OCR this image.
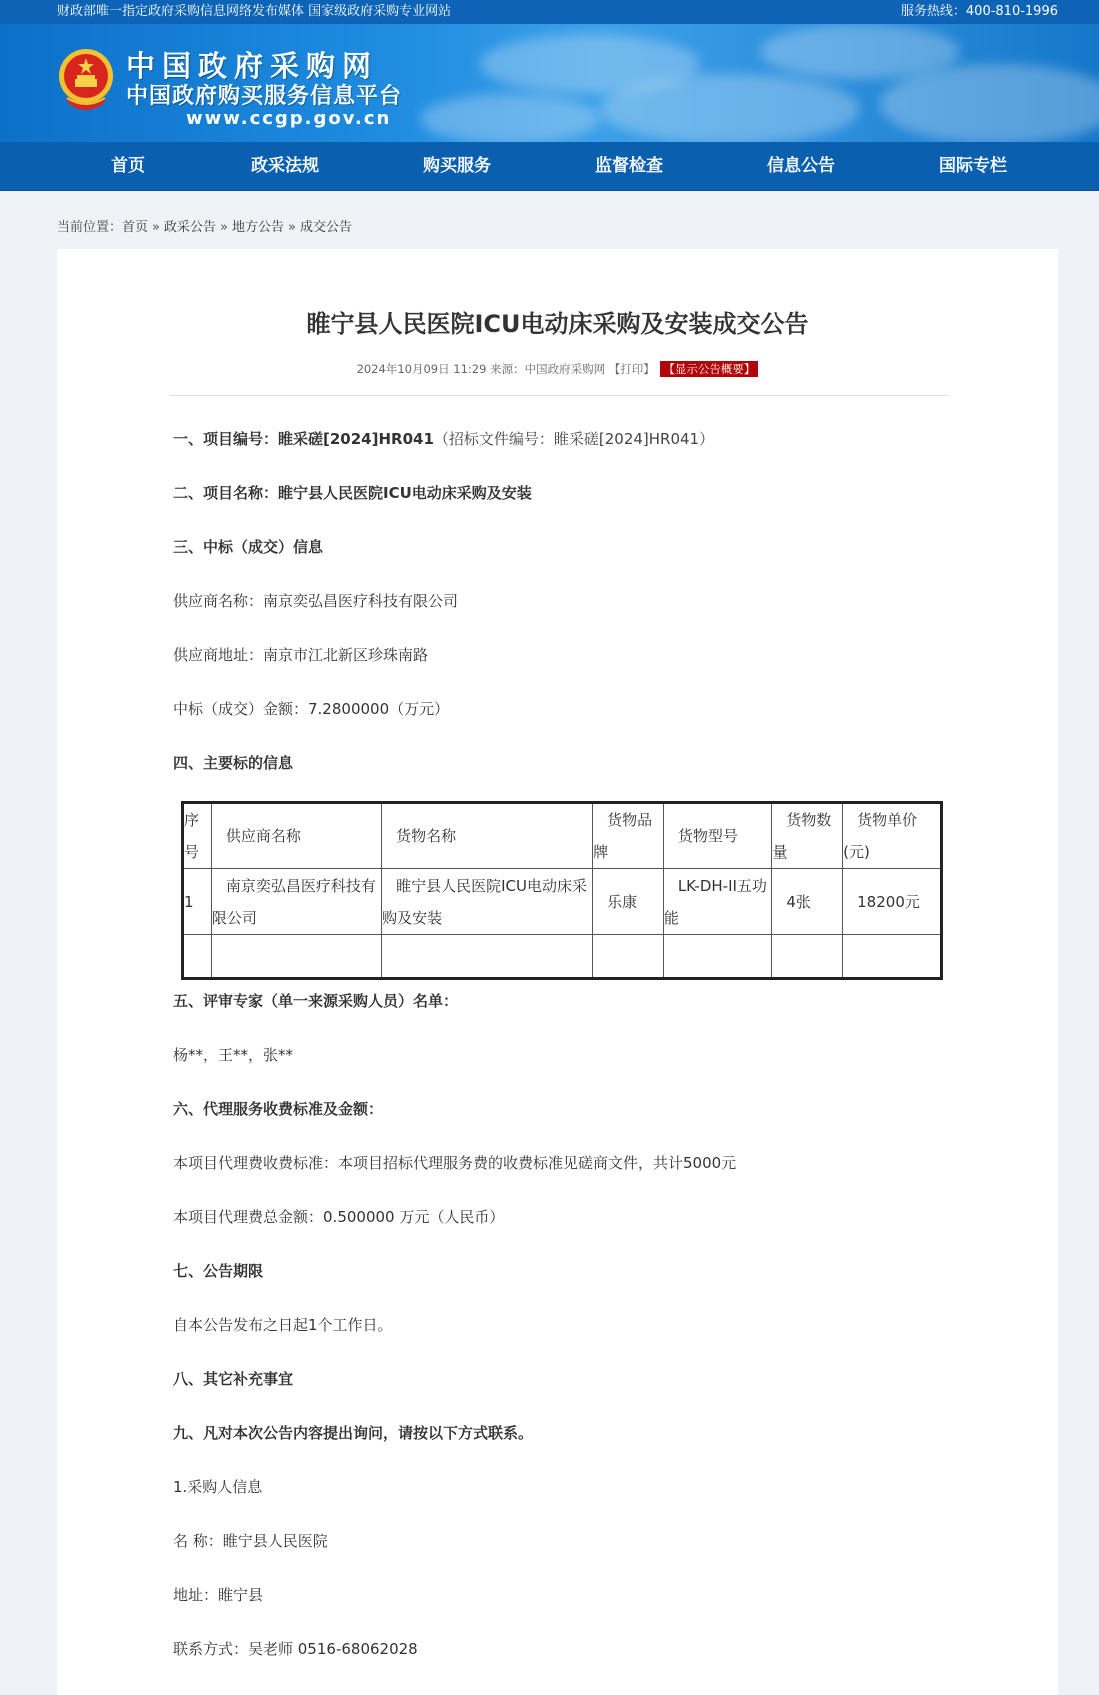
财政部唯一指定政府采购信息网络发布媒体 国家级政府采购专业网站	服务热线：400-810-1996
中国政府采购网
中国政府购买服务信息平台
www.ccgp.gov.cn
首页	政采法规	购买服务	监督检查	信息公告	国际专栏
当前位置：首页 » 政采公告 » 地方公告 » 成交公告
睢宁县人民医院ICU电动床采购及安装成交公告
2024年10月09日 11:29 来源：中国政府采购网 【打印】 【显示公告概要】
一、项目编号：睢采磋[2024]HR041（招标文件编号：睢采磋[2024]HR041）
二、项目名称：睢宁县人民医院ICU电动床采购及安装
三、中标（成交）信息
供应商名称：南京奕弘昌医疗科技有限公司
供应商地址：南京市江北新区珍珠南路
中标（成交）金额：7.2800000（万元）
四、主要标的信息
序号	供应商名称	货物名称	货物品牌	货物型号	货物数量	货物单价(元)
1	南京奕弘昌医疗科技有限公司	睢宁县人民医院ICU电动床采购及安装	乐康	LK-DH-II五功能	4张	18200元

五、评审专家（单一来源采购人员）名单：
杨**，王**，张**
六、代理服务收费标准及金额：
本项目代理费收费标准：本项目招标代理服务费的收费标准见磋商文件，共计5000元
本项目代理费总金额：0.500000 万元（人民币）
七、公告期限
自本公告发布之日起1个工作日。
八、其它补充事宜
九、凡对本次公告内容提出询问，请按以下方式联系。
1.采购人信息
名 称：睢宁县人民医院
地址：睢宁县
联系方式：吴老师 0516-68062028
